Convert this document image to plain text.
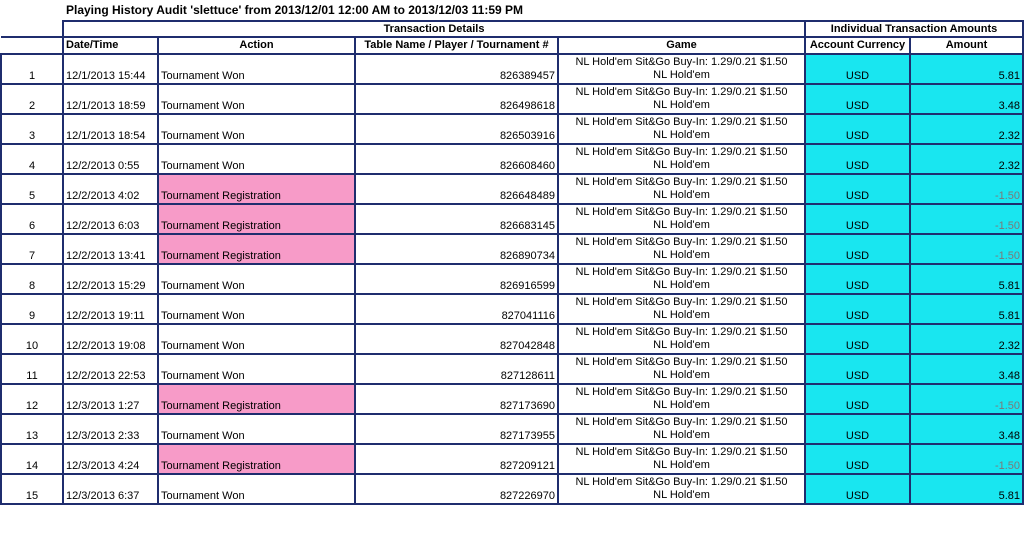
Playing History Audit 'slettuce' from 2013/12/01 12:00 AM to 2013/12/03 11:59 PM
	Transaction Details				Individual Transaction Amounts	
	Date/Time	Action	Table Name / Player / Tournament #	Game	Account Currency	Amount
1	12/1/2013 15:44	Tournament Won	826389457	NL Hold'em Sit&Go Buy-In: 1.29/0.21 $1.50
NL Hold'em	USD	5.81
2	12/1/2013 18:59	Tournament Won	826498618	NL Hold'em Sit&Go Buy-In: 1.29/0.21 $1.50
NL Hold'em	USD	3.48
3	12/1/2013 18:54	Tournament Won	826503916	NL Hold'em Sit&Go Buy-In: 1.29/0.21 $1.50
NL Hold'em	USD	2.32
4	12/2/2013 0:55	Tournament Won	826608460	NL Hold'em Sit&Go Buy-In: 1.29/0.21 $1.50
NL Hold'em	USD	2.32
5	12/2/2013 4:02	Tournament Registration	826648489	NL Hold'em Sit&Go Buy-In: 1.29/0.21 $1.50
NL Hold'em	USD	-1.50
6	12/2/2013 6:03	Tournament Registration	826683145	NL Hold'em Sit&Go Buy-In: 1.29/0.21 $1.50
NL Hold'em	USD	-1.50
7	12/2/2013 13:41	Tournament Registration	826890734	NL Hold'em Sit&Go Buy-In: 1.29/0.21 $1.50
NL Hold'em	USD	-1.50
8	12/2/2013 15:29	Tournament Won	826916599	NL Hold'em Sit&Go Buy-In: 1.29/0.21 $1.50
NL Hold'em	USD	5.81
9	12/2/2013 19:11	Tournament Won	827041116	NL Hold'em Sit&Go Buy-In: 1.29/0.21 $1.50
NL Hold'em	USD	5.81
10	12/2/2013 19:08	Tournament Won	827042848	NL Hold'em Sit&Go Buy-In: 1.29/0.21 $1.50
NL Hold'em	USD	2.32
11	12/2/2013 22:53	Tournament Won	827128611	NL Hold'em Sit&Go Buy-In: 1.29/0.21 $1.50
NL Hold'em	USD	3.48
12	12/3/2013 1:27	Tournament Registration	827173690	NL Hold'em Sit&Go Buy-In: 1.29/0.21 $1.50
NL Hold'em	USD	-1.50
13	12/3/2013 2:33	Tournament Won	827173955	NL Hold'em Sit&Go Buy-In: 1.29/0.21 $1.50
NL Hold'em	USD	3.48
14	12/3/2013 4:24	Tournament Registration	827209121	NL Hold'em Sit&Go Buy-In: 1.29/0.21 $1.50
NL Hold'em	USD	-1.50
15	12/3/2013 6:37	Tournament Won	827226970	NL Hold'em Sit&Go Buy-In: 1.29/0.21 $1.50
NL Hold'em	USD	5.81
